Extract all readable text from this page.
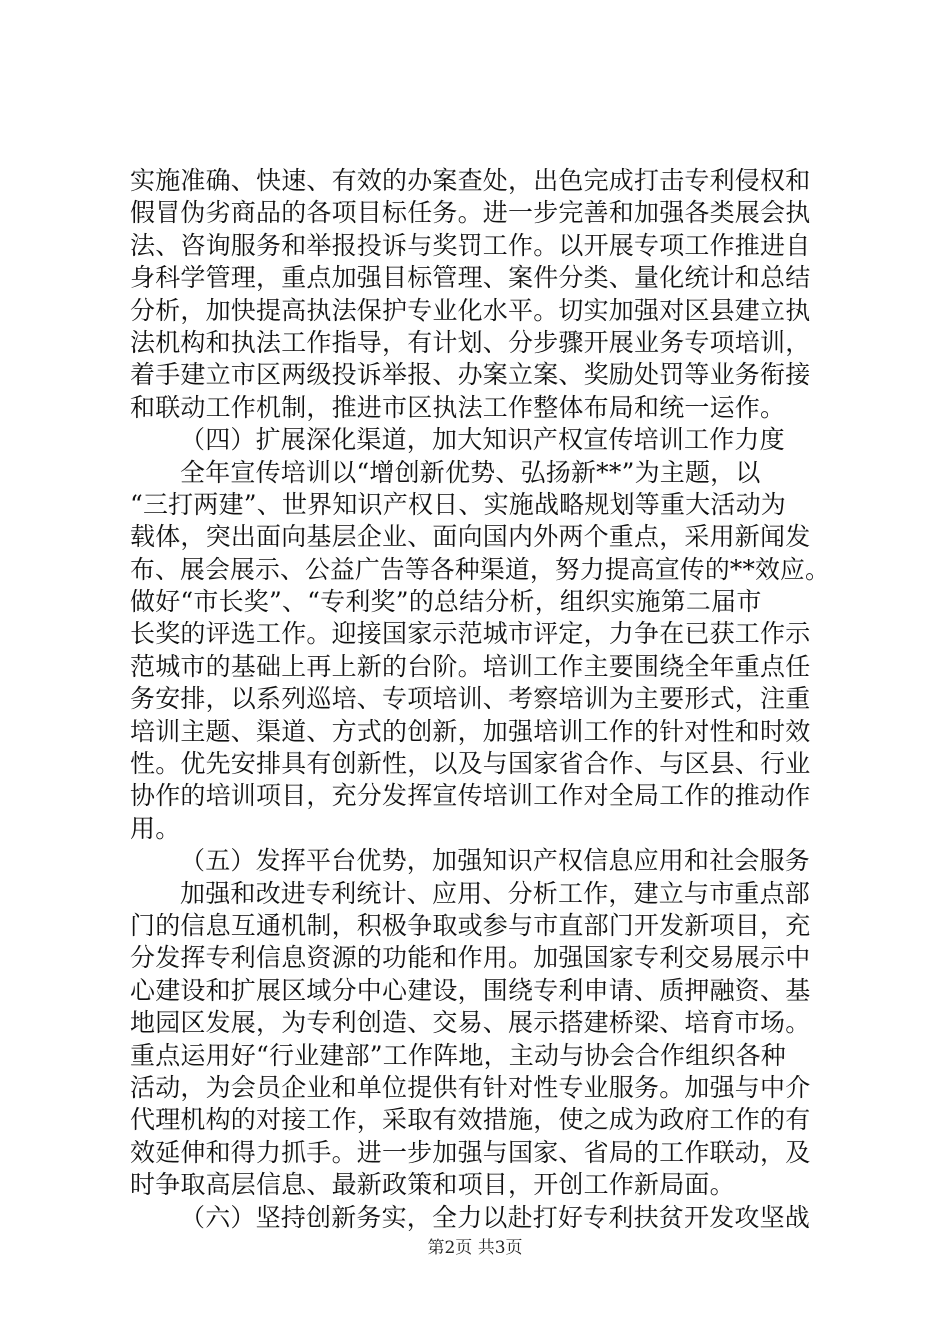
实施准确、快速、有效的办案查处，出色完成打击专利侵权和
假冒伪劣商品的各项目标任务。进一步完善和加强各类展会执
法、咨询服务和举报投诉与奖罚工作。以开展专项工作推进自
身科学管理，重点加强目标管理、案件分类、量化统计和总结
分析，加快提高执法保护专业化水平。切实加强对区县建立执
法机构和执法工作指导，有计划、分步骤开展业务专项培训，
着手建立市区两级投诉举报、办案立案、奖励处罚等业务衔接
和联动工作机制，推进市区执法工作整体布局和统一运作。
（四）扩展深化渠道，加大知识产权宣传培训工作力度
全年宣传培训以“增创新优势、弘扬新**”为主题，以
“三打两建”、世界知识产权日、实施战略规划等重大活动为
载体，突出面向基层企业、面向国内外两个重点，采用新闻发
布、展会展示、公益广告等各种渠道，努力提高宣传的**效应。
做好“市长奖”、“专利奖”的总结分析，组织实施第二届市
长奖的评选工作。迎接国家示范城市评定，力争在已获工作示
范城市的基础上再上新的台阶。培训工作主要围绕全年重点任
务安排，以系列巡培、专项培训、考察培训为主要形式，注重
培训主题、渠道、方式的创新，加强培训工作的针对性和时效
性。优先安排具有创新性，以及与国家省合作、与区县、行业
协作的培训项目，充分发挥宣传培训工作对全局工作的推动作
用。
（五）发挥平台优势，加强知识产权信息应用和社会服务
加强和改进专利统计、应用、分析工作，建立与市重点部
门的信息互通机制，积极争取或参与市直部门开发新项目，充
分发挥专利信息资源的功能和作用。加强国家专利交易展示中
心建设和扩展区域分中心建设，围绕专利申请、质押融资、基
地园区发展，为专利创造、交易、展示搭建桥梁、培育市场。
重点运用好“行业建部”工作阵地，主动与协会合作组织各种
活动，为会员企业和单位提供有针对性专业服务。加强与中介
代理机构的对接工作，采取有效措施，使之成为政府工作的有
效延伸和得力抓手。进一步加强与国家、省局的工作联动，及
时争取高层信息、最新政策和项目，开创工作新局面。
（六）坚持创新务实，全力以赴打好专利扶贫开发攻坚战
第2页 共3页
